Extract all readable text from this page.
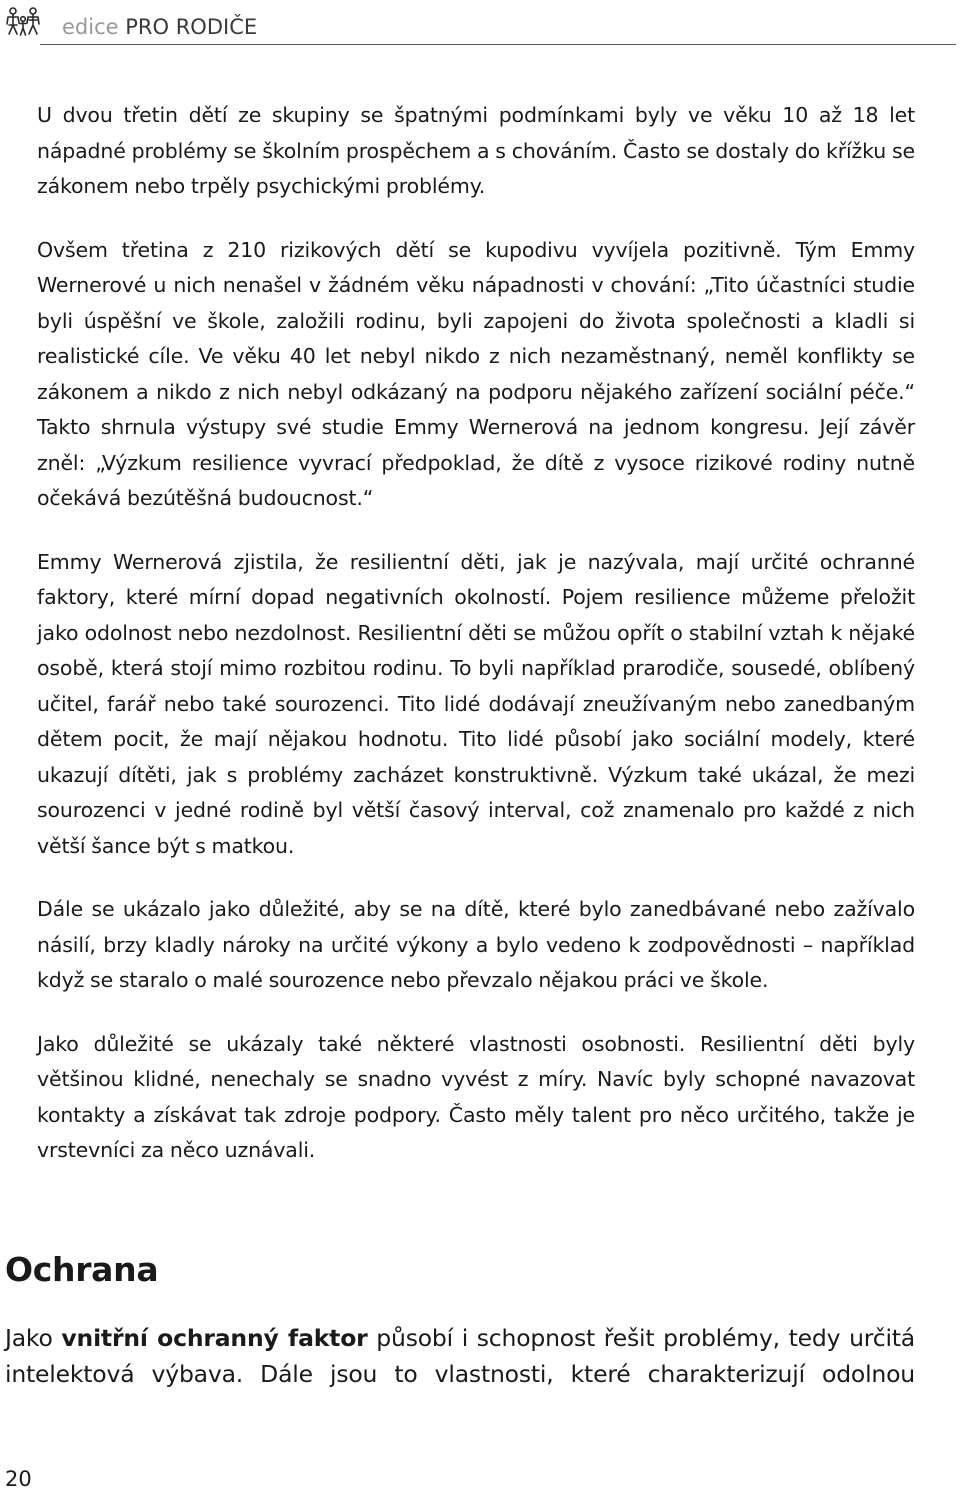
edice PRO RODIČE

U dvou třetin dětí ze skupiny se špatnými podmínkami byly ve věku 10 až 18 let nápadné problémy se školním prospěchem a s chováním. Často se dostaly do křížku se zákonem nebo trpěly psychickými problémy.

Ovšem třetina z 210 rizikových dětí se kupodivu vyvíjela pozitivně. Tým Emmy Wernerové u nich nenašel v žádném věku nápadnosti v chování: „Tito účastníci studie byli úspěšní ve škole, založili rodinu, byli zapojeni do života společnosti a kladli si realistické cíle. Ve věku 40 let nebyl nikdo z nich nezaměstnaný, neměl konflikty se zákonem a nikdo z nich nebyl odkázaný na podporu nějakého zařízení sociální péče.“ Takto shrnula výstupy své studie Emmy Wernerová na jednom kongresu. Její závěr zněl: „Výzkum resilience vyvrací předpoklad, že dítě z vysoce rizikové rodiny nutně očekává bezútěšná budoucnost.“

Emmy Wernerová zjistila, že resilientní děti, jak je nazývala, mají určité ochranné faktory, které mírní dopad negativních okolností. Pojem resilience můžeme přeložit jako odolnost nebo nezdolnost. Resilientní děti se můžou opřít o stabilní vztah k nějaké osobě, která stojí mimo rozbitou rodinu. To byli například prarodiče, sousedé, oblíbený učitel, farář nebo také sourozenci. Tito lidé dodávají zneužívaným nebo zanedbaným dětem pocit, že mají nějakou hodnotu. Tito lidé působí jako sociální modely, které ukazují dítěti, jak s problémy zacházet konstruktivně. Výzkum také ukázal, že mezi sourozenci v jedné rodině byl větší časový interval, což znamenalo pro každé z nich větší šance být s matkou.

Dále se ukázalo jako důležité, aby se na dítě, které bylo zanedbávané nebo zažívalo násilí, brzy kladly nároky na určité výkony a bylo vedeno k zodpovědnosti – například když se staralo o malé sourozence nebo převzalo nějakou práci ve škole.

Jako důležité se ukázaly také některé vlastnosti osobnosti. Resilientní děti byly většinou klidné, nenechaly se snadno vyvést z míry. Navíc byly schopné navazovat kontakty a získávat tak zdroje podpory. Často měly talent pro něco určitého, takže je vrstevníci za něco uznávali.

Ochrana

Jako vnitřní ochranný faktor působí i schopnost řešit problémy, tedy určitá intelektová výbava. Dále jsou to vlastnosti, které charakterizují odolnou

20
